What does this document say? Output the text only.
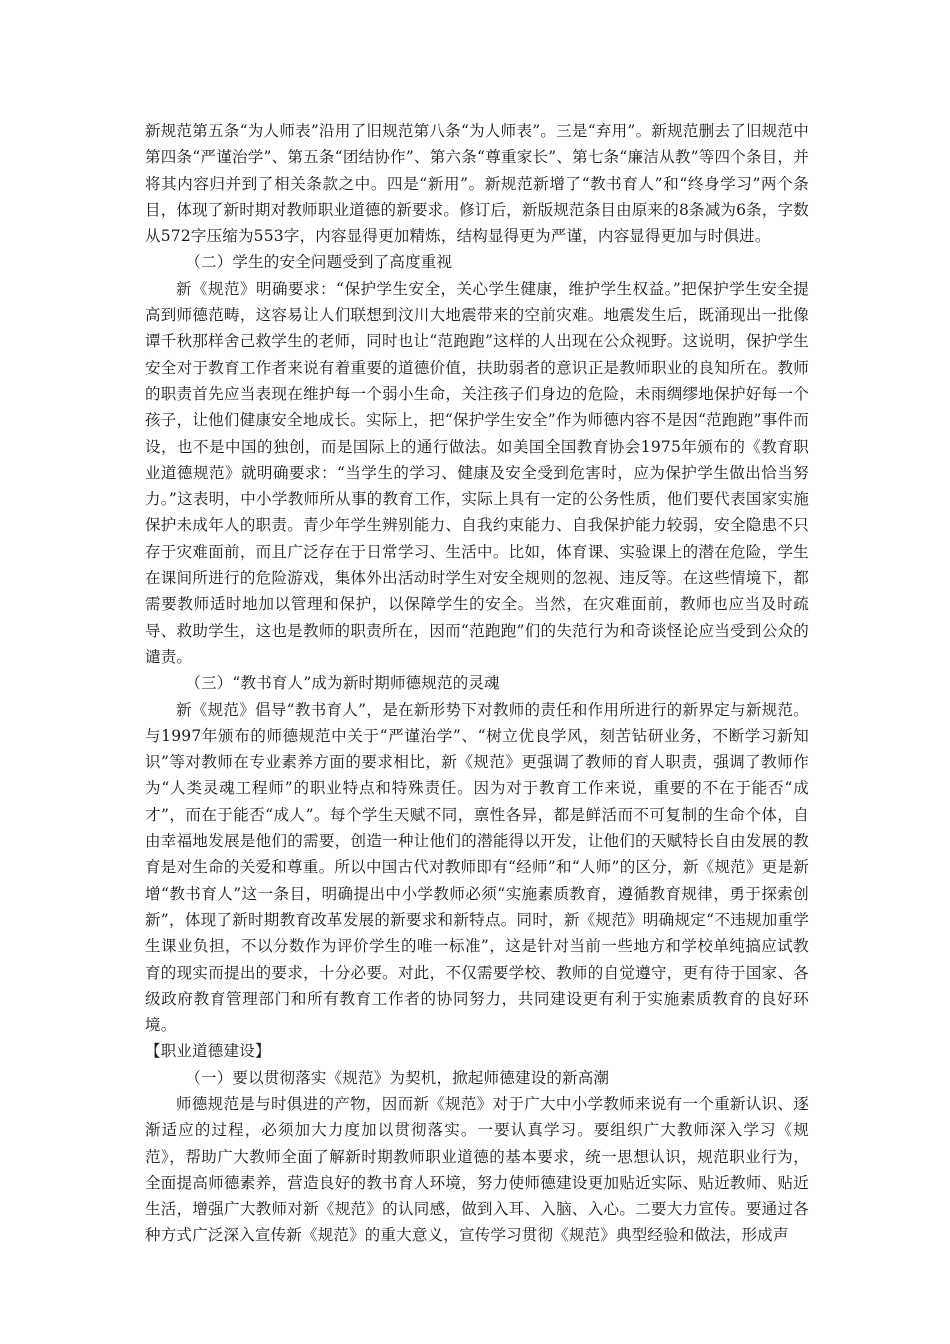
新规范第五条“为人师表”沿用了旧规范第八条“为人师表”。三是“弃用”。新规范删去了旧规范中第四条“严谨治学”、第五条“团结协作”、第六条“尊重家长”、第七条“廉洁从教”等四个条目，并将其内容归并到了相关条款之中。四是“新用”。新规范新增了“教书育人”和“终身学习”两个条目，体现了新时期对教师职业道德的新要求。修订后，新版规范条目由原来的8条减为6条，字数从572字压缩为553字，内容显得更加精炼，结构显得更为严谨，内容显得更加与时俱进。

（二）学生的安全问题受到了高度重视

新《规范》明确要求：“保护学生安全，关心学生健康，维护学生权益。”把保护学生安全提高到师德范畴，这容易让人们联想到汶川大地震带来的空前灾难。地震发生后，既涌现出一批像谭千秋那样舍己救学生的老师，同时也让“范跑跑”这样的人出现在公众视野。这说明，保护学生安全对于教育工作者来说有着重要的道德价值，扶助弱者的意识正是教师职业的良知所在。教师的职责首先应当表现在维护每一个弱小生命，关注孩子们身边的危险，未雨绸缪地保护好每一个孩子，让他们健康安全地成长。实际上，把“保护学生安全”作为师德内容不是因“范跑跑”事件而设，也不是中国的独创，而是国际上的通行做法。如美国全国教育协会1975年颁布的《教育职业道德规范》就明确要求：“当学生的学习、健康及安全受到危害时，应为保护学生做出恰当努力。”这表明，中小学教师所从事的教育工作，实际上具有一定的公务性质，他们要代表国家实施保护未成年人的职责。青少年学生辨别能力、自我约束能力、自我保护能力较弱，安全隐患不只存于灾难面前，而且广泛存在于日常学习、生活中。比如，体育课、实验课上的潜在危险，学生在课间所进行的危险游戏，集体外出活动时学生对安全规则的忽视、违反等。在这些情境下，都需要教师适时地加以管理和保护，以保障学生的安全。当然，在灾难面前，教师也应当及时疏导、救助学生，这也是教师的职责所在，因而“范跑跑”们的失范行为和奇谈怪论应当受到公众的谴责。

（三）“教书育人”成为新时期师德规范的灵魂

新《规范》倡导“教书育人”，是在新形势下对教师的责任和作用所进行的新界定与新规范。与1997年颁布的师德规范中关于“严谨治学”、“树立优良学风，刻苦钻研业务，不断学习新知识”等对教师在专业素养方面的要求相比，新《规范》更强调了教师的育人职责，强调了教师作为“人类灵魂工程师”的职业特点和特殊责任。因为对于教育工作来说，重要的不在于能否“成才”，而在于能否“成人”。每个学生天赋不同，禀性各异，都是鲜活而不可复制的生命个体，自由幸福地发展是他们的需要，创造一种让他们的潜能得以开发，让他们的天赋特长自由发展的教育是对生命的关爱和尊重。所以中国古代对教师即有“经师”和“人师”的区分，新《规范》更是新增“教书育人”这一条目，明确提出中小学教师必须“实施素质教育，遵循教育规律，勇于探索创新”，体现了新时期教育改革发展的新要求和新特点。同时，新《规范》明确规定“不违规加重学生课业负担，不以分数作为评价学生的唯一标准”，这是针对当前一些地方和学校单纯搞应试教育的现实而提出的要求，十分必要。对此，不仅需要学校、教师的自觉遵守，更有待于国家、各级政府教育管理部门和所有教育工作者的协同努力，共同建设更有利于实施素质教育的良好环境。

【职业道德建设】

（一）要以贯彻落实《规范》为契机，掀起师德建设的新高潮

师德规范是与时俱进的产物，因而新《规范》对于广大中小学教师来说有一个重新认识、逐渐适应的过程，必须加大力度加以贯彻落实。一要认真学习。要组织广大教师深入学习《规范》，帮助广大教师全面了解新时期教师职业道德的基本要求，统一思想认识，规范职业行为，全面提高师德素养，营造良好的教书育人环境，努力使师德建设更加贴近实际、贴近教师、贴近生活，增强广大教师对新《规范》的认同感，做到入耳、入脑、入心。二要大力宣传。要通过各种方式广泛深入宣传新《规范》的重大意义，宣传学习贯彻《规范》典型经验和做法，形成声
